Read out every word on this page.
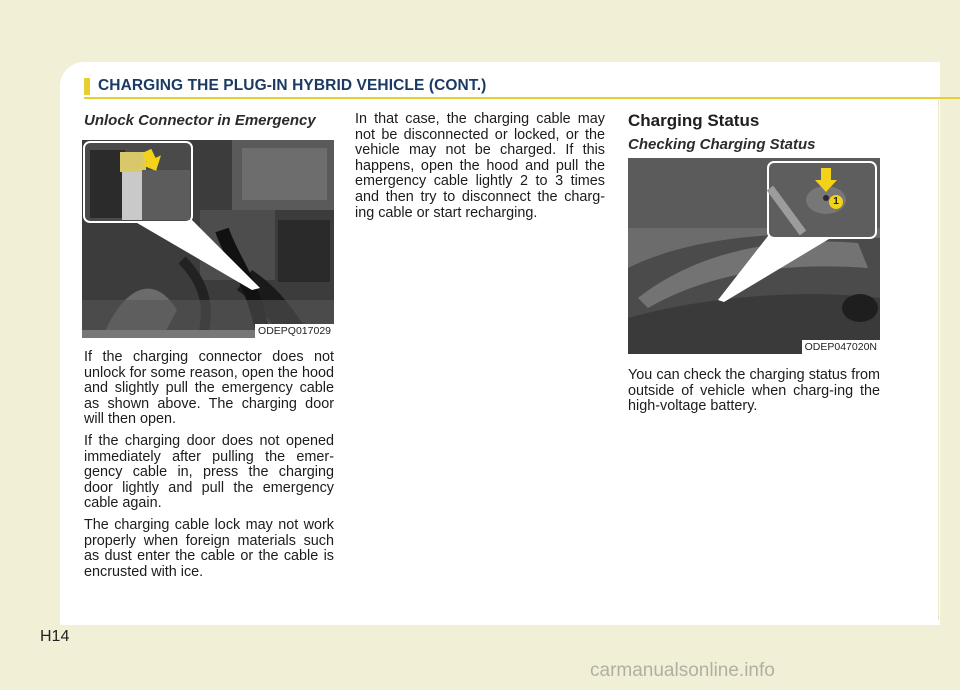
CHARGING THE PLUG-IN HYBRID VEHICLE (CONT.)
Unlock Connector in Emergency
ODEPQ017029

If the charging connector does not unlock for some reason, open the hood and slightly pull the emergency cable as shown above. The charging door will then open.

If the charging door does not opened immediately after pulling the emer-gency cable in, press the charging door lightly and pull the emergency cable again.

The charging cable lock may not work properly when foreign materials such as dust enter the cable or the cable is encrusted with ice.

In that case, the charging cable may not be disconnected or locked, or the vehicle may not be charged. If this happens, open the hood and pull the emergency cable lightly 2 to 3 times and then try to disconnect the charg-ing cable or start recharging.

Charging Status
Checking Charging Status
1
ODEP047020N

You can check the charging status from outside of vehicle when charg-ing the high-voltage battery.

H14
carmanualsonline.info
